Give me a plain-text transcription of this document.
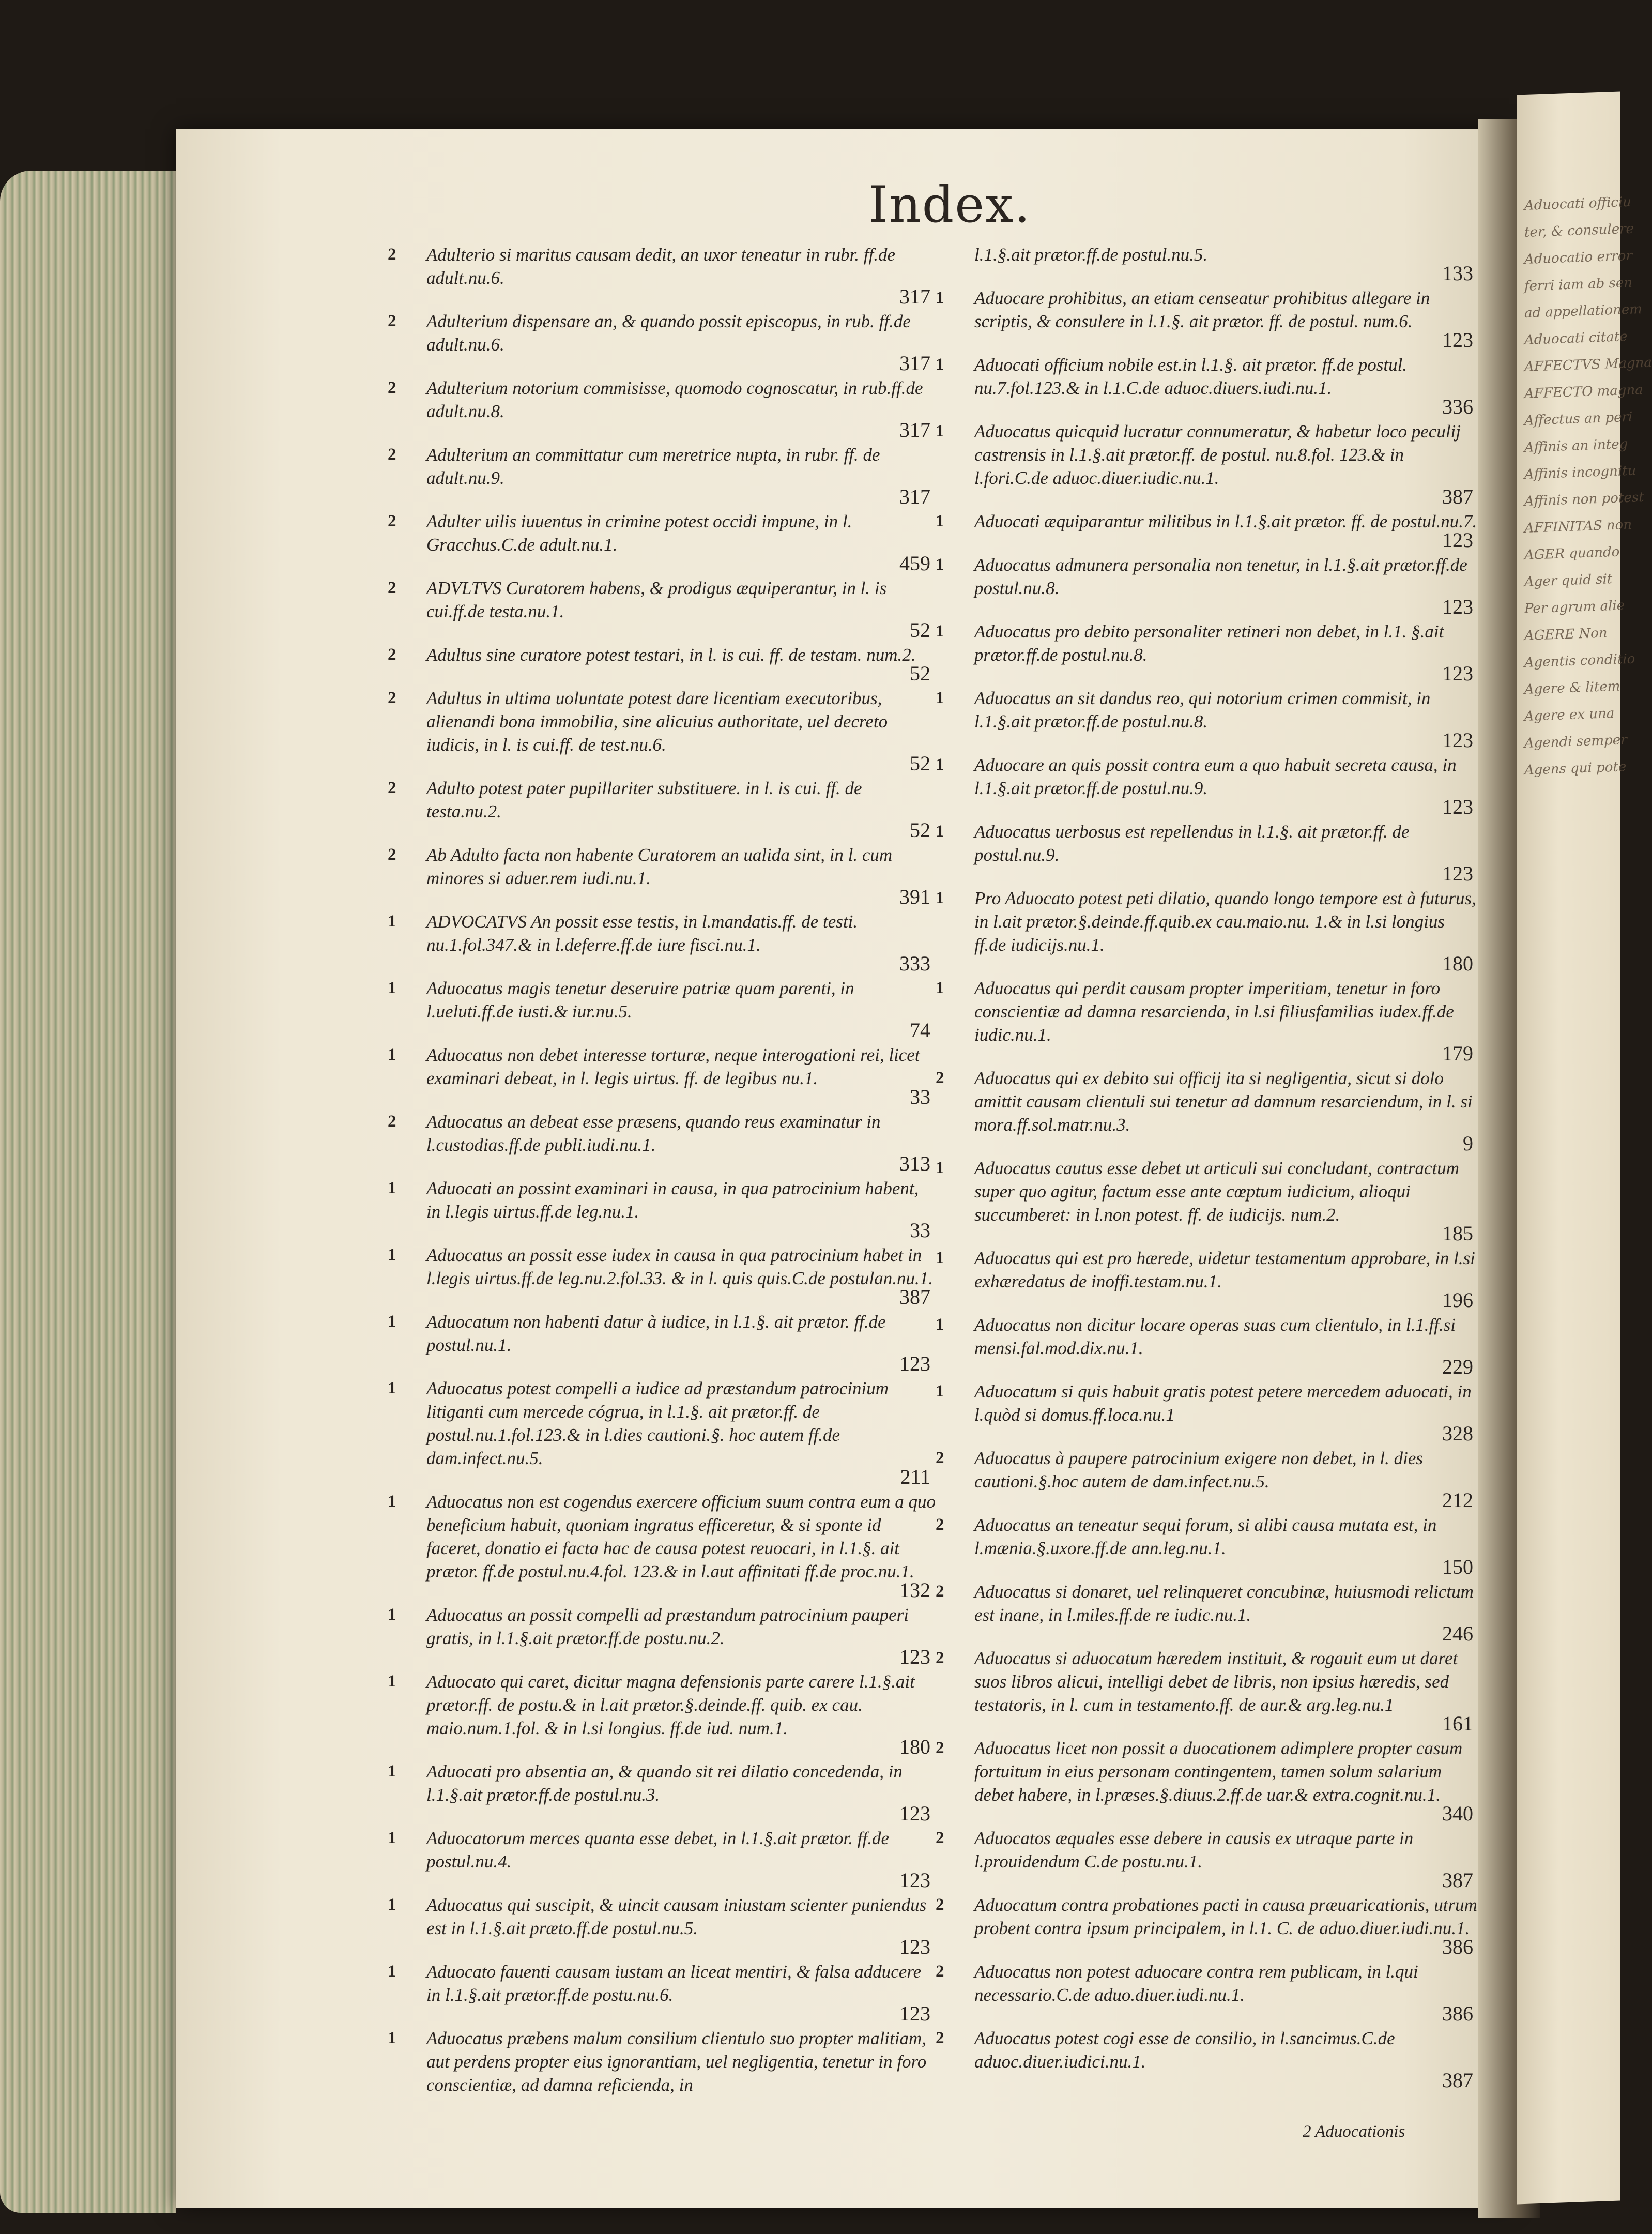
Aduocati officiu
ter, & consulere
Aduocatio error
ferri iam ab sen
ad appellationem
Aduocati citate
AFFECTVS Magna
AFFECTO magna
Affectus an peri
Affinis an integ
Affinis incognitu
Affinis non potest
AFFINITAS non
AGER quando
Ager quid sit
Per agrum alie
AGERE Non
Agentis conditio
Agere & litem
Agere ex una
Agendi semper
Agens qui pote
Index.
2	Adulterio si maritus causam dedit, an uxor teneatur in rubr. ff.de adult.nu.6.
317
2	Adulterium dispensare an, & quando possit episcopus, in rub. ff.de adult.nu.6.
317
2	Adulterium notorium commisisse, quomodo cognoscatur, in rub.ff.de adult.nu.8.
317
2	Adulterium an committatur cum meretrice nupta, in rubr. ff. de adult.nu.9.
317
2	Adulter uilis iuuentus in crimine potest occidi impune, in l. Gracchus.C.de adult.nu.1.
459
2	ADVLTVS Curatorem habens, & prodigus æquiperantur, in l. is cui.ff.de testa.nu.1.
52
2	Adultus sine curatore potest testari, in l. is cui. ff. de testam. num.2.
52
2	Adultus in ultima uoluntate potest dare licentiam executoribus, alienandi bona immobilia, sine alicuius authoritate, uel decreto iudicis, in l. is cui.ff. de test.nu.6.
52
2	Adulto potest pater pupillariter substituere. in l. is cui. ff. de testa.nu.2.
52
2	Ab Adulto facta non habente Curatorem an ualida sint, in l. cum minores si aduer.rem iudi.nu.1.
391
1	ADVOCATVS An possit esse testis, in l.mandatis.ff. de testi. nu.1.fol.347.& in l.deferre.ff.de iure fisci.nu.1.
333
1	Aduocatus magis tenetur deseruire patriæ quam parenti, in l.ueluti.ff.de iusti.& iur.nu.5.
74
1	Aduocatus non debet interesse torturæ, neque interogationi rei, licet examinari debeat, in l. legis uirtus. ff. de legibus nu.1.
33
2	Aduocatus an debeat esse præsens, quando reus examinatur in l.custodias.ff.de publi.iudi.nu.1.
313
1	Aduocati an possint examinari in causa, in qua patrocinium habent, in l.legis uirtus.ff.de leg.nu.1.
33
1	Aduocatus an possit esse iudex in causa in qua patrocinium habet in l.legis uirtus.ff.de leg.nu.2.fol.33. & in l. quis quis.C.de postulan.nu.1.
387
1	Aduocatum non habenti datur à iudice, in l.1.§. ait prætor. ff.de postul.nu.1.
123
1	Aduocatus potest compelli a iudice ad præstandum patrocinium litiganti cum mercede cógrua, in l.1.§. ait prætor.ff. de postul.nu.1.fol.123.& in l.dies cautioni.§. hoc autem ff.de dam.infect.nu.5.
211
1	Aduocatus non est cogendus exercere officium suum contra eum a quo beneficium habuit, quoniam ingratus efficeretur, & si sponte id faceret, donatio ei facta hac de causa potest reuocari, in l.1.§. ait prætor. ff.de postul.nu.4.fol. 123.& in l.aut affinitati ff.de proc.nu.1.
132
1	Aduocatus an possit compelli ad præstandum patrocinium pauperi gratis, in l.1.§.ait prætor.ff.de postu.nu.2.
123
1	Aduocato qui caret, dicitur magna defensionis parte carere l.1.§.ait prætor.ff. de postu.& in l.ait prætor.§.deinde.ff. quib. ex cau. maio.num.1.fol. & in l.si longius. ff.de iud. num.1.
180
1	Aduocati pro absentia an, & quando sit rei dilatio concedenda, in l.1.§.ait prætor.ff.de postul.nu.3.
123
1	Aduocatorum merces quanta esse debet, in l.1.§.ait prætor. ff.de postul.nu.4.
123
1	Aduocatus qui suscipit, & uincit causam iniustam scienter puniendus est in l.1.§.ait præto.ff.de postul.nu.5.
123
1	Aduocato fauenti causam iustam an liceat mentiri, & falsa adducere in l.1.§.ait prætor.ff.de postu.nu.6.
123
1	Aduocatus præbens malum consilium clientulo suo propter malitiam, aut perdens propter eius ignorantiam, uel negligentia, tenetur in foro conscientiæ, ad damna reficienda, in
l.1.§.ait prætor.ff.de postul.nu.5.
133
1	Aduocare prohibitus, an etiam censeatur prohibitus allegare in scriptis, & consulere in l.1.§. ait prætor. ff. de postul. num.6.
123
1	Aduocati officium nobile est.in l.1.§. ait prætor. ff.de postul. nu.7.fol.123.& in l.1.C.de aduoc.diuers.iudi.nu.1.
336
1	Aduocatus quicquid lucratur connumeratur, & habetur loco peculij castrensis in l.1.§.ait prætor.ff. de postul. nu.8.fol. 123.& in l.fori.C.de aduoc.diuer.iudic.nu.1.
387
1	Aduocati æquiparantur militibus in l.1.§.ait prætor. ff. de postul.nu.7.
123
1	Aduocatus admunera personalia non tenetur, in l.1.§.ait prætor.ff.de postul.nu.8.
123
1	Aduocatus pro debito personaliter retineri non debet, in l.1. §.ait prætor.ff.de postul.nu.8.
123
1	Aduocatus an sit dandus reo, qui notorium crimen commisit, in l.1.§.ait prætor.ff.de postul.nu.8.
123
1	Aduocare an quis possit contra eum a quo habuit secreta causa, in l.1.§.ait prætor.ff.de postul.nu.9.
123
1	Aduocatus uerbosus est repellendus in l.1.§. ait prætor.ff. de postul.nu.9.
123
1	Pro Aduocato potest peti dilatio, quando longo tempore est à futurus, in l.ait prætor.§.deinde.ff.quib.ex cau.maio.nu. 1.& in l.si longius ff.de iudicijs.nu.1.
180
1	Aduocatus qui perdit causam propter imperitiam, tenetur in foro conscientiæ ad damna resarcienda, in l.si filiusfamilias iudex.ff.de iudic.nu.1.
179
2	Aduocatus qui ex debito sui officij ita si negligentia, sicut si dolo amittit causam clientuli sui tenetur ad damnum resarciendum, in l. si mora.ff.sol.matr.nu.3.
9
1	Aduocatus cautus esse debet ut articuli sui concludant, contractum super quo agitur, factum esse ante cœptum iudicium, alioqui succumberet: in l.non potest. ff. de iudicijs. num.2.
185
1	Aduocatus qui est pro hærede, uidetur testamentum approbare, in l.si exhæredatus de inoffi.testam.nu.1.
196
1	Aduocatus non dicitur locare operas suas cum clientulo, in l.1.ff.si mensi.fal.mod.dix.nu.1.
229
1	Aduocatum si quis habuit gratis potest petere mercedem aduocati, in l.quòd si domus.ff.loca.nu.1
328
2	Aduocatus à paupere patrocinium exigere non debet, in l. dies cautioni.§.hoc autem de dam.infect.nu.5.
212
2	Aduocatus an teneatur sequi forum, si alibi causa mutata est, in l.mænia.§.uxore.ff.de ann.leg.nu.1.
150
2	Aduocatus si donaret, uel relinqueret concubinæ, huiusmodi relictum est inane, in l.miles.ff.de re iudic.nu.1.
246
2	Aduocatus si aduocatum hæredem instituit, & rogauit eum ut daret suos libros alicui, intelligi debet de libris, non ipsius hæredis, sed testatoris, in l. cum in testamento.ff. de aur.& arg.leg.nu.1
161
2	Aduocatus licet non possit a duocationem adimplere propter casum fortuitum in eius personam contingentem, tamen solum salarium debet habere, in l.præses.§.diuus.2.ff.de uar.& extra.cognit.nu.1.
340
2	Aduocatos æquales esse debere in causis ex utraque parte in l.prouidendum C.de postu.nu.1.
387
2	Aduocatum contra probationes pacti in causa præuaricationis, utrum probent contra ipsum principalem, in l.1. C. de aduo.diuer.iudi.nu.1.
386
2	Aduocatus non potest aduocare contra rem publicam, in l.qui necessario.C.de aduo.diuer.iudi.nu.1.
386
2	Aduocatus potest cogi esse de consilio, in l.sancimus.C.de aduoc.diuer.iudici.nu.1.
387
2 Aduocationis
